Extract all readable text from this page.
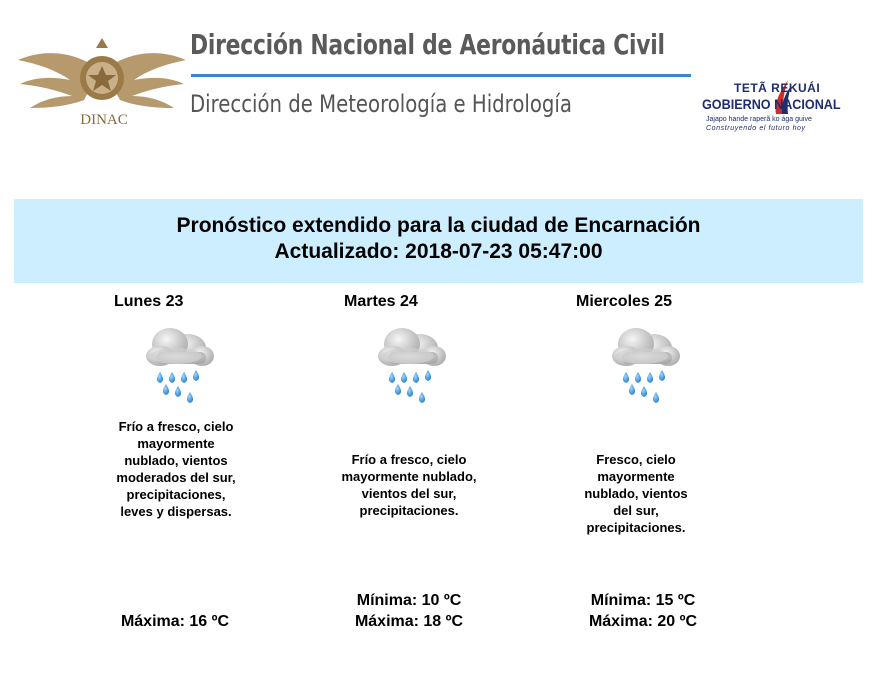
DINAC
Dirección Nacional de Aeronáutica Civil
Dirección de Meteorología e Hidrología
TETÃ REKUÁI
GOBIERNO NACIONAL
Jajapo hande raperã ko ága guive
Construyendo el futuro hoy
Pronóstico extendido para la ciudad de Encarnación
Actualizado: 2018-07-23 05:47:00
Lunes 23
Frío a fresco, cielo mayormente nublado, vientos moderados del sur, precipitaciones, leves y dispersas.
Máxima: 16 ºC
Martes 24
Frío a fresco, cielo mayormente nublado, vientos del sur, precipitaciones.
Mínima: 10 ºC
Máxima: 18 ºC
Miercoles 25
Fresco, cielo mayormente nublado, vientos del sur, precipitaciones.
Mínima: 15 ºC
Máxima: 20 ºC
